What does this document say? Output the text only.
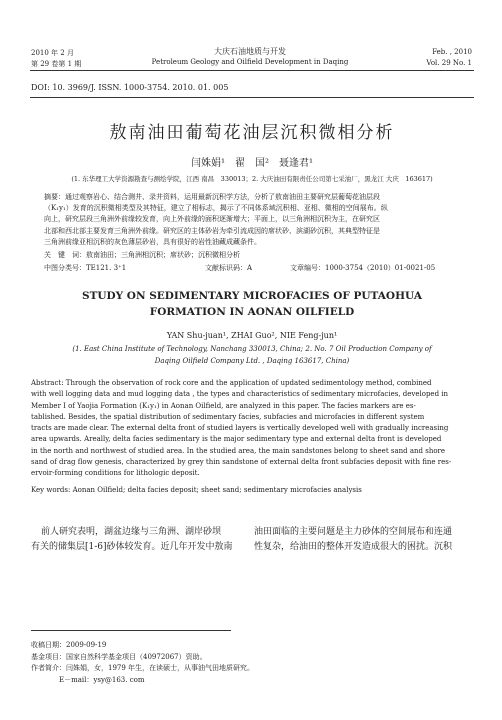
2010 年 2 月
第 29 卷第 1 期
大庆石油地质与开发
Petroleum Geology and Oilfield Development in Daqing
Feb. , 2010
Vol. 29 No. 1
DOI: 10. 3969/J. ISSN. 1000-3754. 2010. 01. 005
敖南油田葡萄花油层沉积微相分析
闫姝娟¹　翟　国²　聂逢君¹
(1. 东华理工大学资源勘查与测绘学院，江西 南昌　330013；2. 大庆油田有限责任公司第七采油厂，黑龙江 大庆　163617)
摘要：通过观察岩心、结合测井、录井资料，运用最新沉积学方法，分析了敖南油田主要研究层葡萄花油层段
（K₁y₁）发育的沉积微相类型及其特征，建立了相标志，揭示了不同体系域沉积相、亚相、微相的空间展布。纵
向上，研究层段三角洲外前缘较发育，向上外前缘的面积逐渐增大；平面上，以三角洲相沉积为主，在研究区
北部和西北部主要发育三角洲外前缘。研究区的主体砂岩为牵引流成因的席状砂、滨湖砂沉积，其典型特征是
三角洲前缘亚相沉积的灰色薄层砂岩，具有很好的岩性油藏成藏条件。
关　键　词：敖南油田；三角洲相沉积；席状砂；沉积微相分析
中图分类号：TE121. 3⁺1	文献标识码：A	文章编号：1000-3754（2010）01-0021-05
STUDY ON SEDIMENTARY MICROFACIES OF PUTAOHUA
FORMATION IN AONAN OILFIELD
YAN Shu-juan¹, ZHAI Guo², NIE Feng-jun¹
(1. East China Institute of Technology, Nanchang 330013, China; 2. No. 7 Oil Production Company of
Daqing Oilfield Company Ltd. , Daqing 163617, China)
Abstract: Through the observation of rock core and the application of updated sedimentology method, combined
with well logging data and mud logging data , the types and characteristics of sedimentary microfacies, developed in
Member Ⅰ of Yaojia Formation (K₁y₁) in Aonan Oilfield, are analyzed in this paper. The facies markers are es-
tablished. Besides, the spatial distribution of sedimentary facies, subfacies and microfacies in different system
tracts are made clear. The external delta front of studied layers is vertically developed well with gradually increasing
area upwards. Areally, delta facies sedimentary is the major sedimentary type and external delta front is developed
in the north and northwest of studied area. In the studied area, the main sandstones belong to sheet sand and shore
sand of drag flow genesis, characterized by grey thin sandstone of external delta front subfacies deposit with fine res-
ervoir-forming conditions for lithologic deposit.
Key words: Aonan Oilfield; delta facies deposit; sheet sand; sedimentary microfacies analysis
前人研究表明，湖盆边缘与三角洲、湖岸砂坝
有关的储集层[1-6]砂体较发育。近几年开发中敖南
油田面临的主要问题是主力砂体的空间展布和连通
性复杂，给油田的整体开发造成很大的困扰。沉积
收稿日期：2009-09-19
基金项目：国家自然科学基金项目（40972067）资助。
作者简介：闫姝娟，女，1979 年生，在读硕士，从事油气田地质研究。
E－mail：ysy@163. com
